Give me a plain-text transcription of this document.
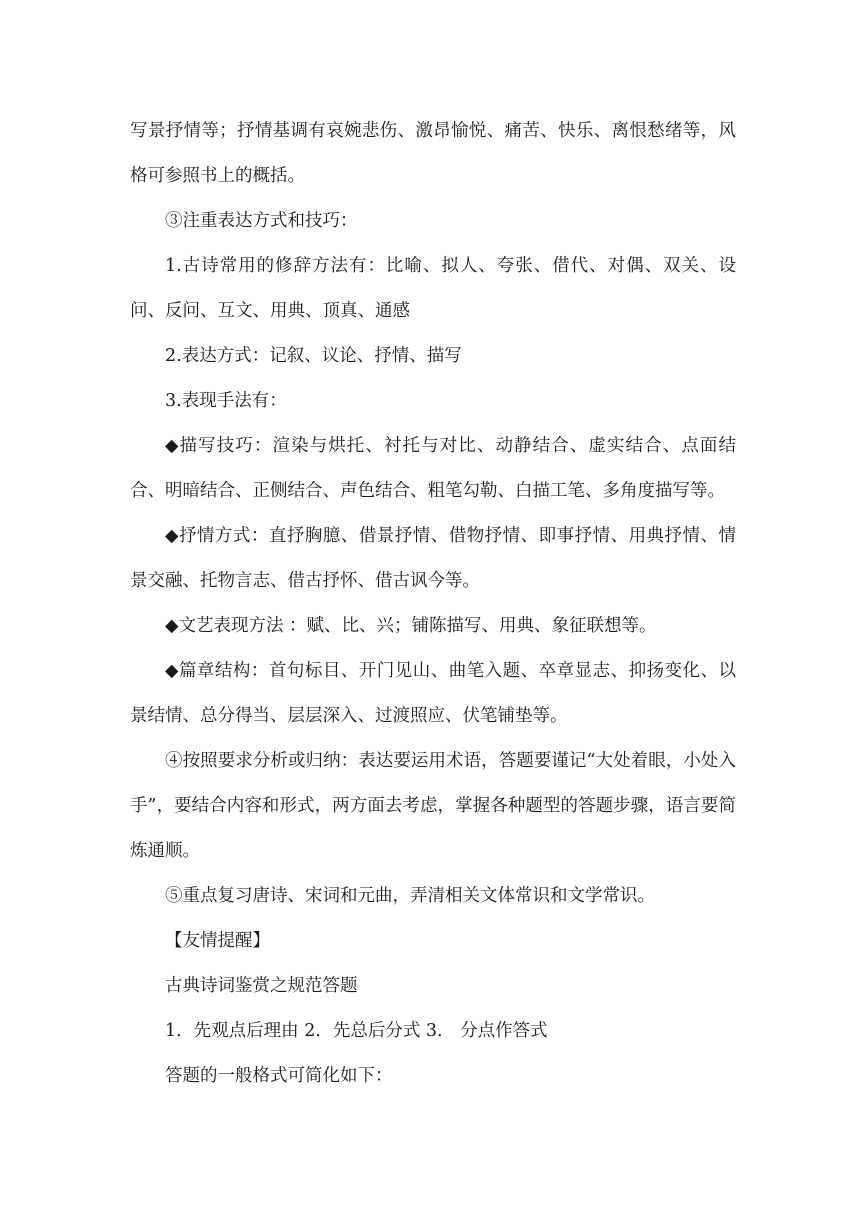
写景抒情等；抒情基调有哀婉悲伤、激昂愉悦、痛苦、快乐、离恨愁绪等，风格可参照书上的概括。

③注重表达方式和技巧：

1.古诗常用的修辞方法有：比喻、拟人、夸张、借代、对偶、双关、设问、反问、互文、用典、顶真、通感

2.表达方式：记叙、议论、抒情、描写

3.表现手法有：

◆描写技巧：渲染与烘托、衬托与对比、动静结合、虚实结合、点面结合、明暗结合、正侧结合、声色结合、粗笔勾勒、白描工笔、多角度描写等。

◆抒情方式：直抒胸臆、借景抒情、借物抒情、即事抒情、用典抒情、情景交融、托物言志、借古抒怀、借古讽今等。

◆文艺表现方法 ：赋、比、兴；铺陈描写、用典、象征联想等。

◆篇章结构：首句标目、开门见山、曲笔入题、卒章显志、抑扬变化、以景结情、总分得当、层层深入、过渡照应、伏笔铺垫等。

④按照要求分析或归纳：表达要运用术语，答题要谨记“大处着眼，小处入手”，要结合内容和形式，两方面去考虑，掌握各种题型的答题步骤，语言要简炼通顺。

⑤重点复习唐诗、宋词和元曲，弄清相关文体常识和文学常识。

【友情提醒】

古典诗词鉴赏之规范答题

1．先观点后理由 2．先总后分式 3． 分点作答式

答题的一般格式可简化如下：
